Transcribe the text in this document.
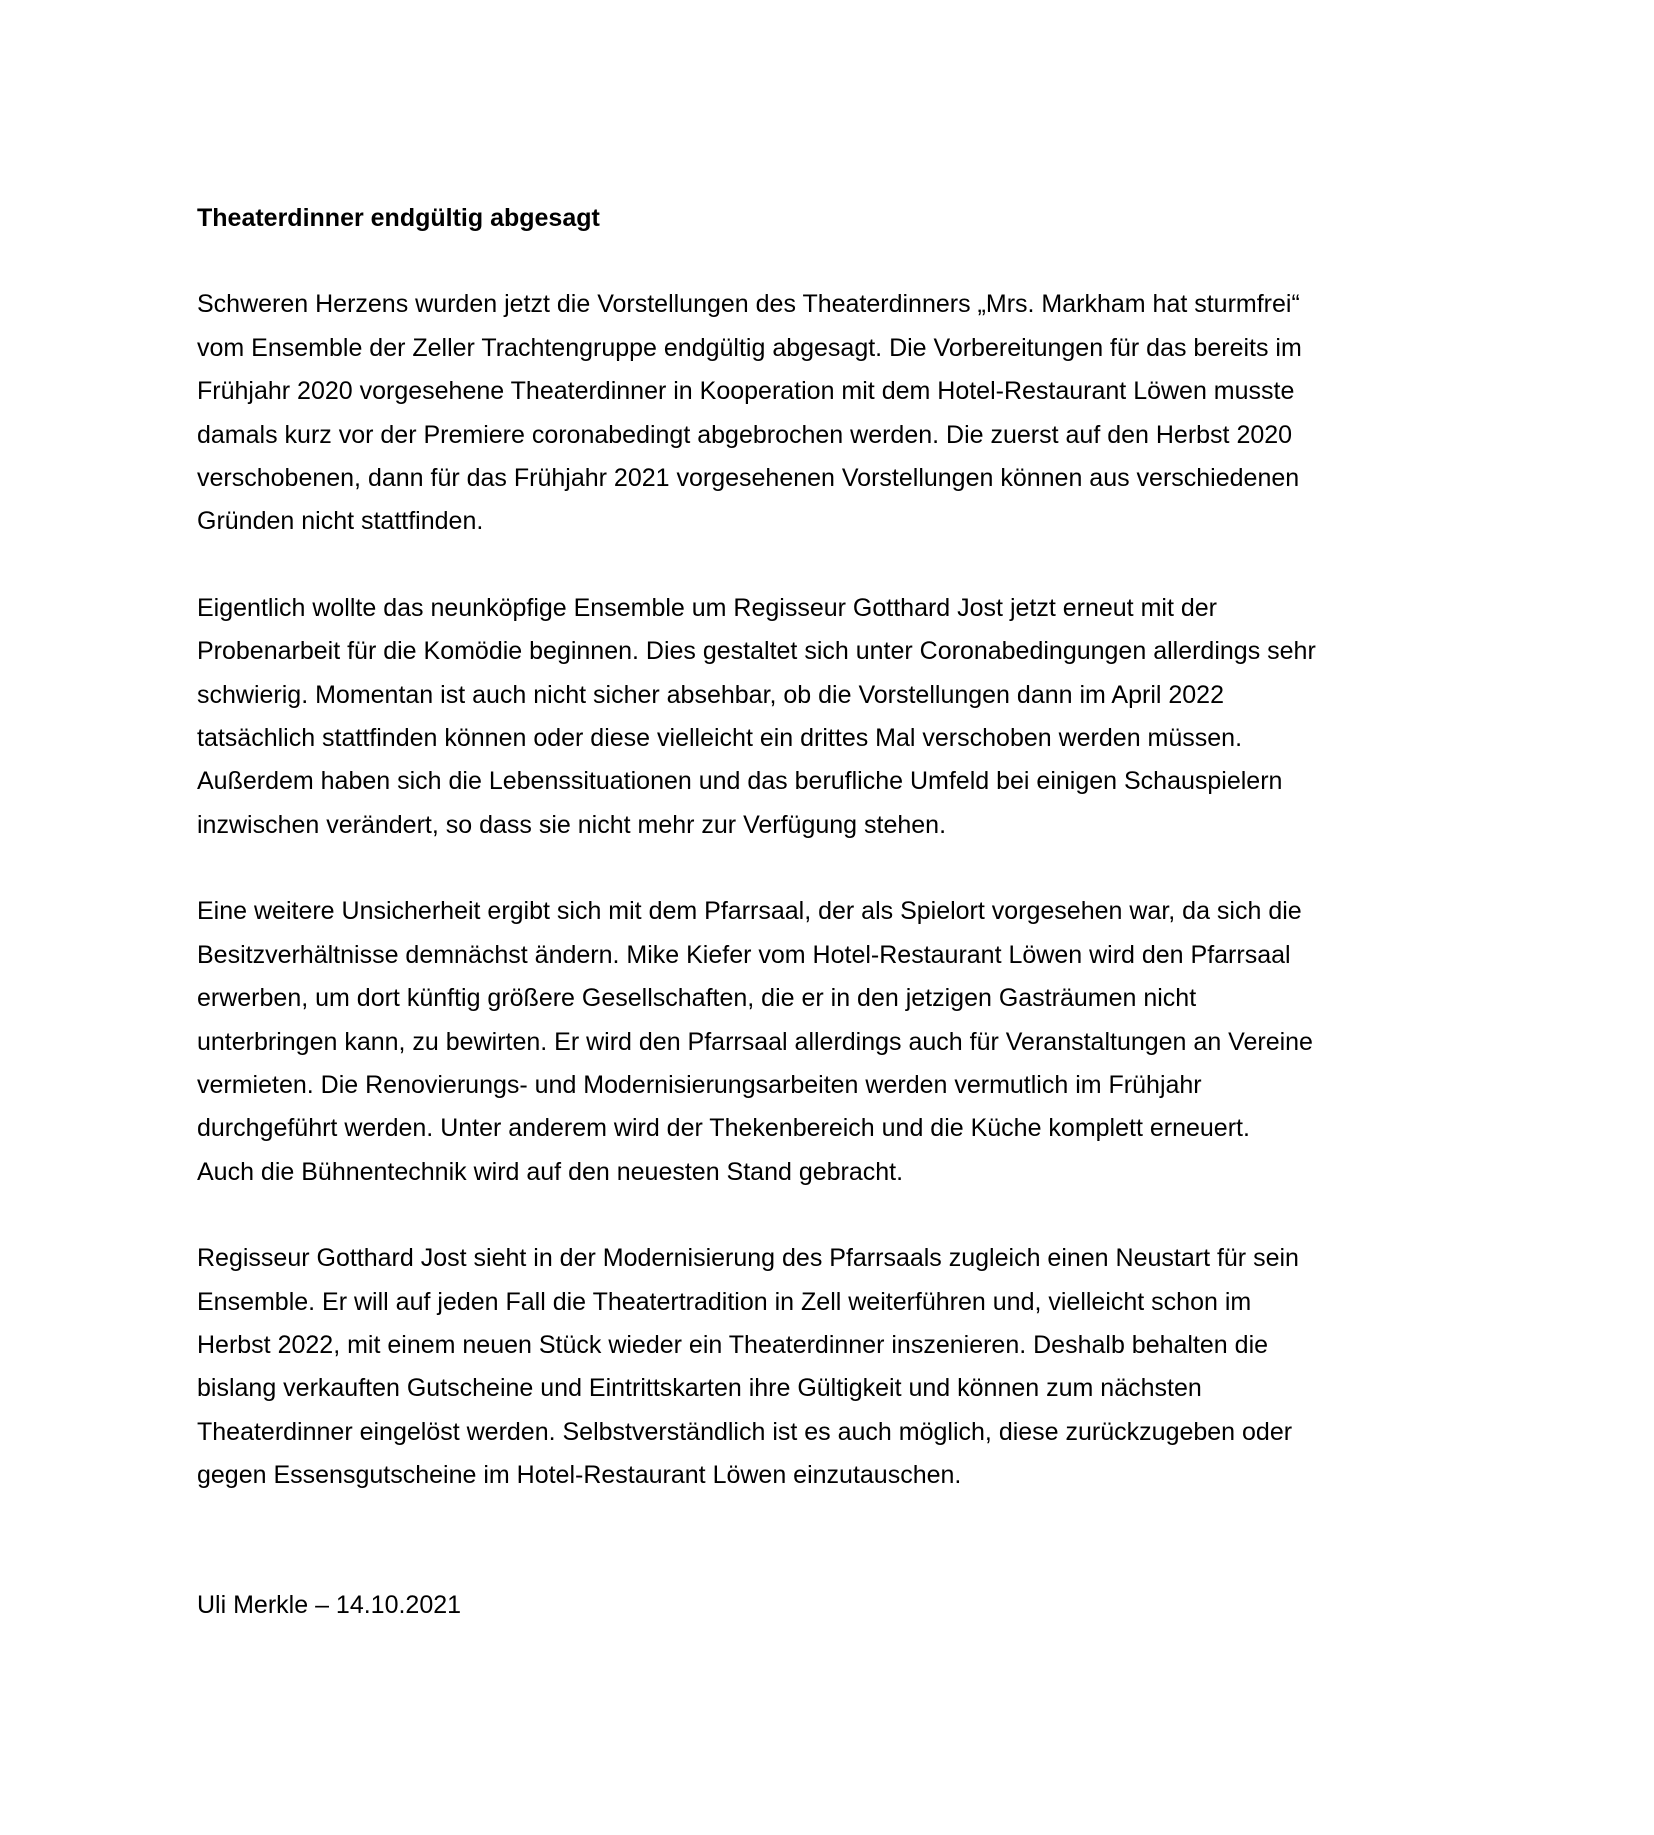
Theaterdinner endgültig abgesagt
Schweren Herzens wurden jetzt die Vorstellungen des Theaterdinners „Mrs. Markham hat sturmfrei“
vom Ensemble der Zeller Trachtengruppe endgültig abgesagt. Die Vorbereitungen für das bereits im
Frühjahr 2020 vorgesehene Theaterdinner in Kooperation mit dem Hotel-Restaurant Löwen musste
damals kurz vor der Premiere coronabedingt abgebrochen werden. Die zuerst auf den Herbst 2020
verschobenen, dann für das Frühjahr 2021 vorgesehenen Vorstellungen können aus verschiedenen
Gründen nicht stattfinden.
Eigentlich wollte das neunköpfige Ensemble um Regisseur Gotthard Jost jetzt erneut mit der
Probenarbeit für die Komödie beginnen. Dies gestaltet sich unter Coronabedingungen allerdings sehr
schwierig. Momentan ist auch nicht sicher absehbar, ob die Vorstellungen dann im April 2022
tatsächlich stattfinden können oder diese vielleicht ein drittes Mal verschoben werden müssen.
Außerdem haben sich die Lebenssituationen und das berufliche Umfeld bei einigen Schauspielern
inzwischen verändert, so dass sie nicht mehr zur Verfügung stehen.
Eine weitere Unsicherheit ergibt sich mit dem Pfarrsaal, der als Spielort vorgesehen war, da sich die
Besitzverhältnisse demnächst ändern. Mike Kiefer vom Hotel-Restaurant Löwen wird den Pfarrsaal
erwerben, um dort künftig größere Gesellschaften, die er in den jetzigen Gasträumen nicht
unterbringen kann, zu bewirten. Er wird den Pfarrsaal allerdings auch für Veranstaltungen an Vereine
vermieten. Die Renovierungs- und Modernisierungsarbeiten werden vermutlich im Frühjahr
durchgeführt werden. Unter anderem wird der Thekenbereich und die Küche komplett erneuert.
Auch die Bühnentechnik wird auf den neuesten Stand gebracht.
Regisseur Gotthard Jost sieht in der Modernisierung des Pfarrsaals zugleich einen Neustart für sein
Ensemble. Er will auf jeden Fall die Theatertradition in Zell weiterführen und, vielleicht schon im
Herbst 2022, mit einem neuen Stück wieder ein Theaterdinner inszenieren. Deshalb behalten die
bislang verkauften Gutscheine und Eintrittskarten ihre Gültigkeit und können zum nächsten
Theaterdinner eingelöst werden. Selbstverständlich ist es auch möglich, diese zurückzugeben oder
gegen Essensgutscheine im Hotel-Restaurant Löwen einzutauschen.
Uli Merkle – 14.10.2021
